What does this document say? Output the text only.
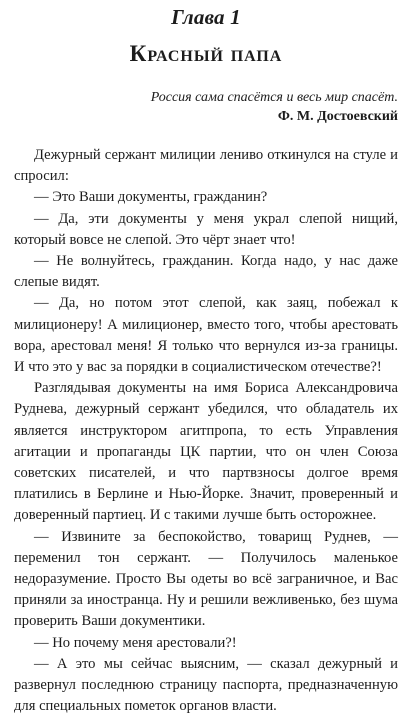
Глава 1
Красный папа
Россия сама спасётся и весь мир спасёт.
Ф. М. Достоевский

Дежурный сержант милиции лениво откинулся на стуле и спросил:

— Это Ваши документы, гражданин?

— Да, эти документы у меня украл слепой нищий, который вовсе не слепой. Это чёрт знает что!

— Не волнуйтесь, гражданин. Когда надо, у нас даже слепые видят.

— Да, но потом этот слепой, как заяц, побежал к милиционеру! А милиционер, вместо того, чтобы арестовать вора, арестовал меня! Я только что вернулся из-за границы. И что это у вас за порядки в социалистическом отечестве?!

Разглядывая документы на имя Бориса Александровича Руднева, дежурный сержант убедился, что обладатель их является инструктором агитпропа, то есть Управления агитации и пропаганды ЦК партии, что он член Союза советских писателей, и что партвзносы долгое время платились в Берлине и Нью-Йорке. Значит, проверенный и доверенный партиец. И с такими лучше быть осторожнее.

— Извините за беспокойство, товарищ Руднев, — переменил тон сержант. — Получилось маленькое недоразумение. Просто Вы одеты во всё заграничное, и Вас приняли за иностранца. Ну и решили вежливенько, без шума проверить Ваши документики.

— Но почему меня арестовали?!

— А это мы сейчас выясним, — сказал дежурный и развернул последнюю страницу паспорта, предназначенную для специальных пометок органов власти.
